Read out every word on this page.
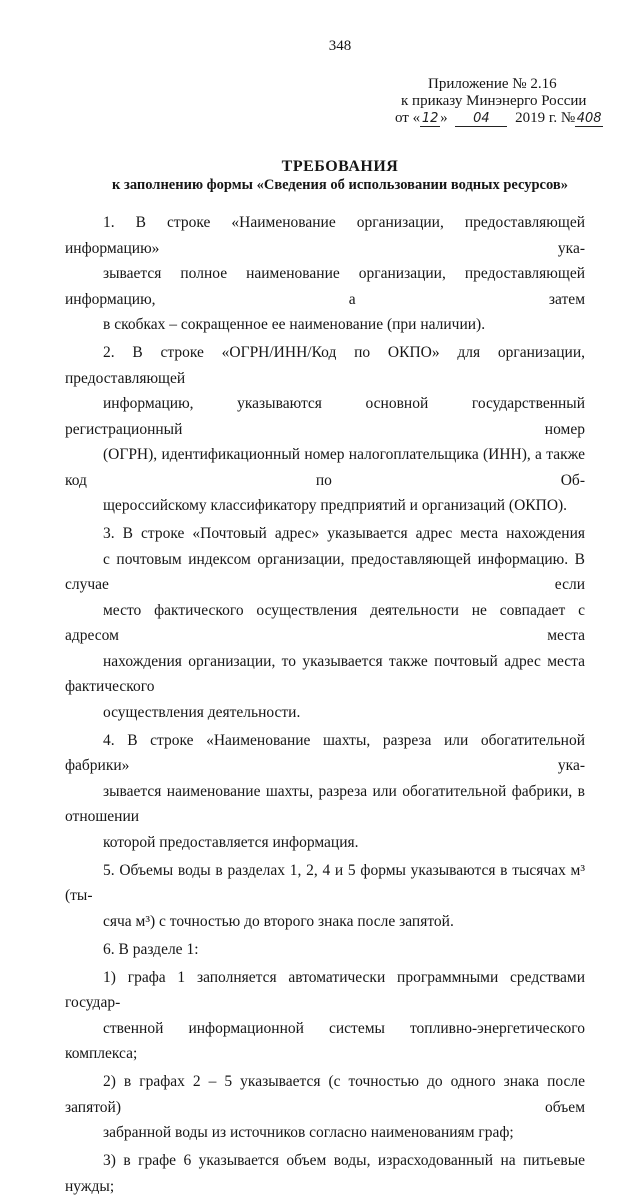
348
Приложение № 2.16
к приказу Минэнерго России
от « 12 » 04 2019 г. № 408
ТРЕБОВАНИЯ
к заполнению формы «Сведения об использовании водных ресурсов»
1. В строке «Наименование организации, предоставляющей информацию» ука-
зывается полное наименование организации, предоставляющей информацию, а затем
в скобках – сокращенное ее наименование (при наличии).
2. В строке «ОГРН/ИНН/Код по ОКПО» для организации, предоставляющей
информацию, указываются основной государственный регистрационный номер
(ОГРН), идентификационный номер налогоплательщика (ИНН), а также код по Об-
щероссийскому классификатору предприятий и организаций (ОКПО).
3. В строке «Почтовый адрес» указывается адрес места нахождения
с почтовым индексом организации, предоставляющей информацию. В случае если
место фактического осуществления деятельности не совпадает с адресом места
нахождения организации, то указывается также почтовый адрес места фактического
осуществления деятельности.
4. В строке «Наименование шахты, разреза или обогатительной фабрики» ука-
зывается наименование шахты, разреза или обогатительной фабрики, в отношении
которой предоставляется информация.
5. Объемы воды в разделах 1, 2, 4 и 5 формы указываются в тысячах м³ (ты-
сяча м³) с точностью до второго знака после запятой.
6. В разделе 1:
1) графа 1 заполняется автоматически программными средствами государ-
ственной информационной системы топливно-энергетического комплекса;
2) в графах 2 – 5 указывается (с точностью до одного знака после запятой) объем
забранной воды из источников согласно наименованиям граф;
3) в графе 6 указывается объем воды, израсходованный на питьевые нужды;
